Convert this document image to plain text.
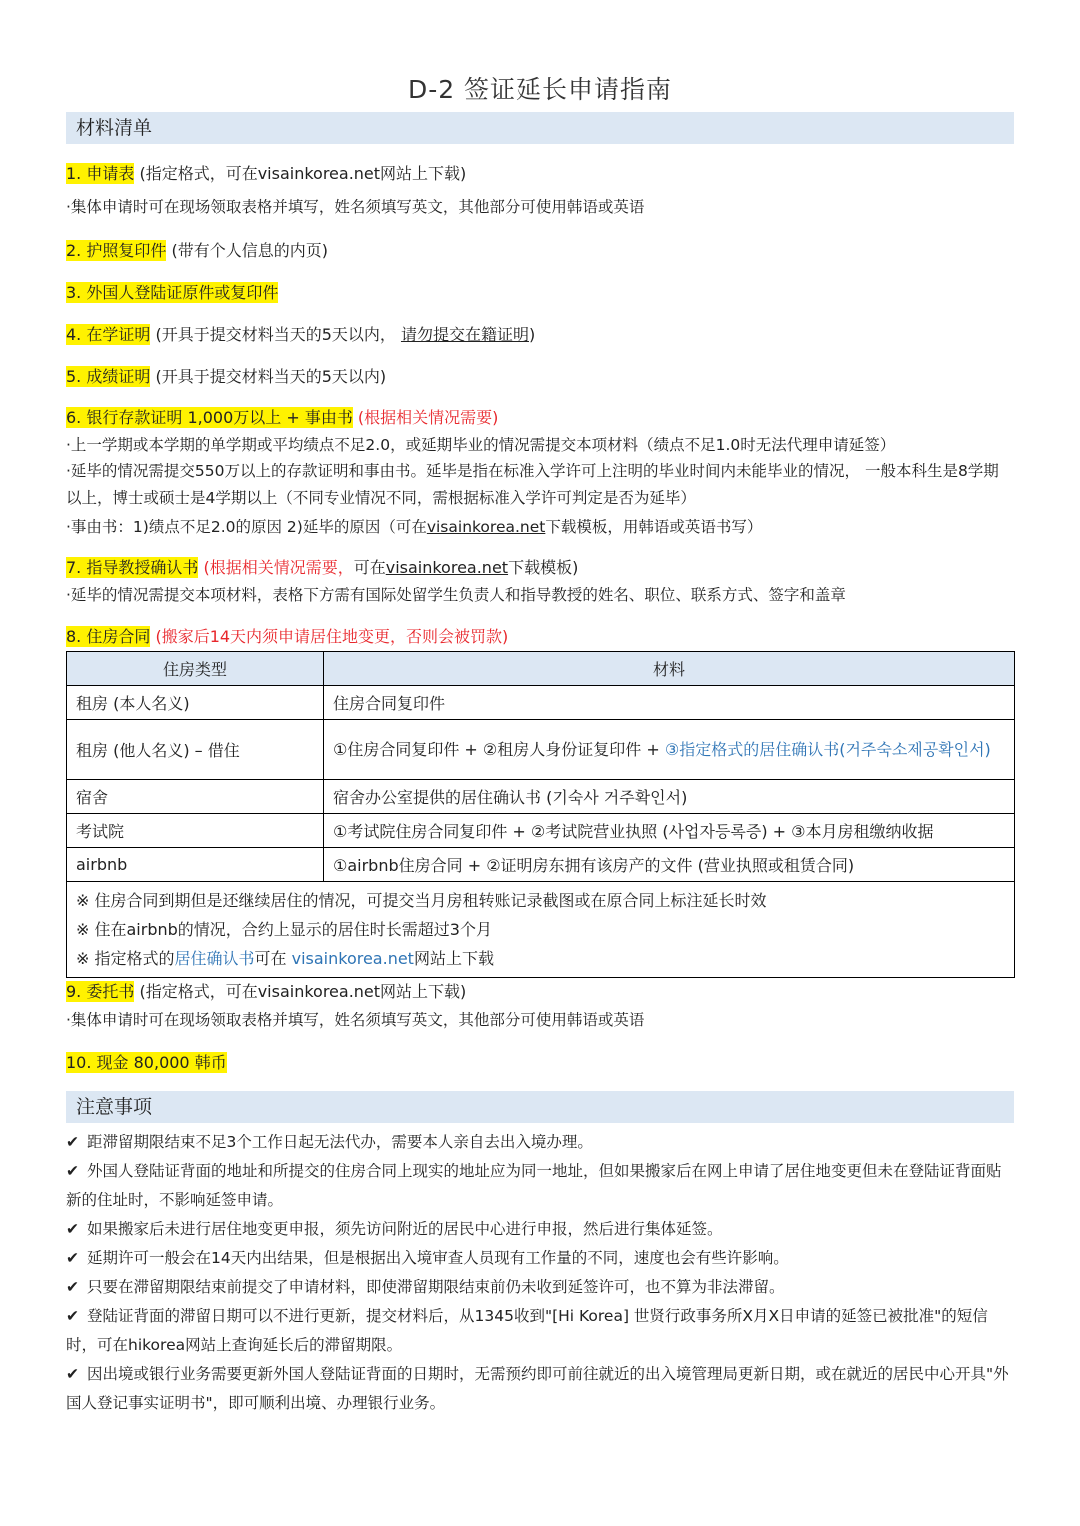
D-2 签证延长申请指南
材料清单
1. 申请表 (指定格式，可在visainkorea.net网站上下载)
·集体申请时可在现场领取表格并填写，姓名须填写英文，其他部分可使用韩语或英语
2. 护照复印件 (带有个人信息的内页)
3. 外国人登陆证原件或复印件
4. 在学证明 (开具于提交材料当天的5天以内， 请勿提交在籍证明)
5. 成绩证明 (开具于提交材料当天的5天以内)
6. 银行存款证明 1,000万以上 + 事由书 (根据相关情况需要)
·上一学期或本学期的单学期或平均绩点不足2.0，或延期毕业的情况需提交本项材料（绩点不足1.0时无法代理申请延签）
·延毕的情况需提交550万以上的存款证明和事由书。延毕是指在标准入学许可上注明的毕业时间内未能毕业的情况， 一般本科生是8学期以上，博士或硕士是4学期以上（不同专业情况不同，需根据标准入学许可判定是否为延毕）
·事由书：1)绩点不足2.0的原因 2)延毕的原因（可在visainkorea.net下载模板，用韩语或英语书写）
7. 指导教授确认书 (根据相关情况需要，可在visainkorea.net下载模板)
·延毕的情况需提交本项材料，表格下方需有国际处留学生负责人和指导教授的姓名、职位、联系方式、签字和盖章
8. 住房合同 (搬家后14天内须申请居住地变更，否则会被罚款)
住房类型	材料
租房 (本人名义)	住房合同复印件
租房 (他人名义) – 借住	①住房合同复印件 + ②租房人身份证复印件 + ③指定格式的居住确认书(거주숙소제공확인서)
宿舍	宿舍办公室提供的居住确认书 (기숙사 거주확인서)
考试院	①考试院住房合同复印件 + ②考试院营业执照 (사업자등록증) + ③本月房租缴纳收据
airbnb	①airbnb住房合同 + ②证明房东拥有该房产的文件 (营业执照或租赁合同)

※ 住房合同到期但是还继续居住的情况，可提交当月房租转账记录截图或在原合同上标注延长时效
※ 住在airbnb的情况，合约上显示的居住时长需超过3个月
※ 指定格式的居住确认书可在 visainkorea.net网站上下载	
9. 委托书 (指定格式，可在visainkorea.net网站上下载)
·集体申请时可在现场领取表格并填写，姓名须填写英文，其他部分可使用韩语或英语
10. 现金 80,000 韩币
注意事项
✔ 距滞留期限结束不足3个工作日起无法代办，需要本人亲自去出入境办理。
✔ 外国人登陆证背面的地址和所提交的住房合同上现实的地址应为同一地址，但如果搬家后在网上申请了居住地变更但未在登陆证背面贴新的住址时，不影响延签申请。
✔ 如果搬家后未进行居住地变更申报，须先访问附近的居民中心进行申报，然后进行集体延签。
✔ 延期许可一般会在14天内出结果，但是根据出入境审查人员现有工作量的不同，速度也会有些许影响。
✔ 只要在滞留期限结束前提交了申请材料，即使滞留期限结束前仍未收到延签许可，也不算为非法滞留。
✔ 登陆证背面的滞留日期可以不进行更新，提交材料后，从1345收到"[Hi Korea] 世贤行政事务所X月X日申请的延签已被批准"的短信时，可在hikorea网站上查询延长后的滞留期限。
✔ 因出境或银行业务需要更新外国人登陆证背面的日期时，无需预约即可前往就近的出入境管理局更新日期，或在就近的居民中心开具"外国人登记事实证明书"，即可顺利出境、办理银行业务。
